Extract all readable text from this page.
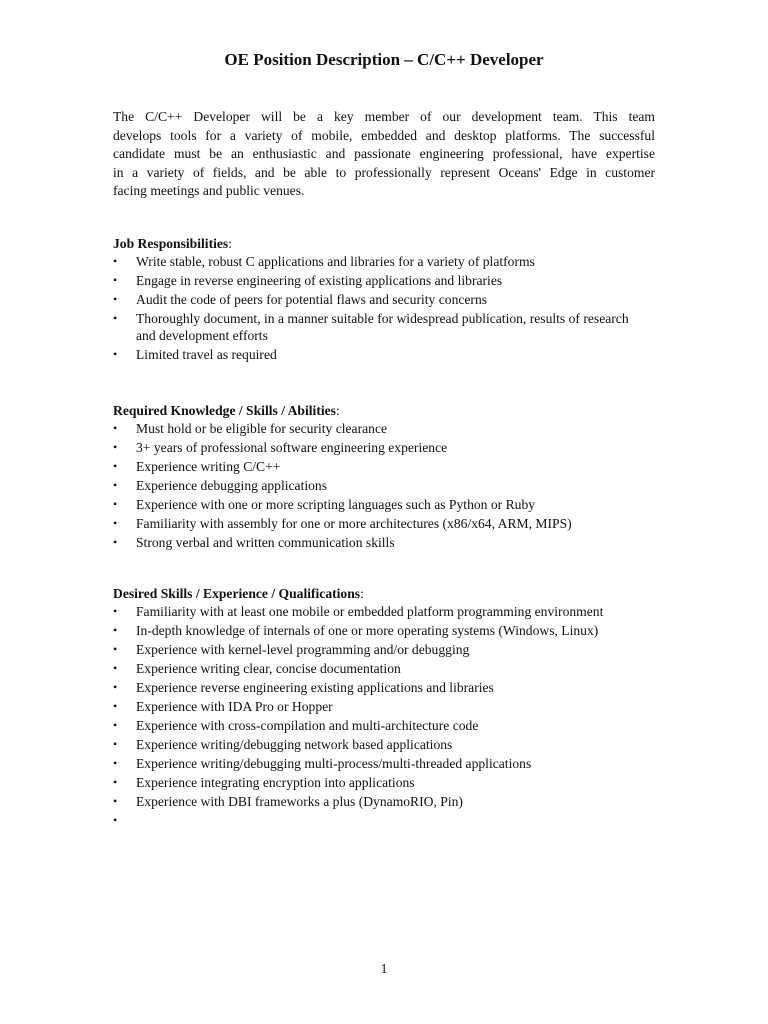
OE Position Description – C/C++ Developer
The C/C++ Developer will be a key member of our development team. This team
develops tools for a variety of mobile, embedded and desktop platforms. The successful
candidate must be an enthusiastic and passionate engineering professional, have expertise
in a variety of fields, and be able to professionally represent Oceans' Edge in customer
facing meetings and public venues.
Job Responsibilities:
• Write stable, robust C applications and libraries for a variety of platforms
• Engage in reverse engineering of existing applications and libraries
• Audit the code of peers for potential flaws and security concerns
• Thoroughly document, in a manner suitable for widespread publication, results of research and development efforts
• Limited travel as required
Required Knowledge / Skills / Abilities:
• Must hold or be eligible for security clearance
• 3+ years of professional software engineering experience
• Experience writing C/C++
• Experience debugging applications
• Experience with one or more scripting languages such as Python or Ruby
• Familiarity with assembly for one or more architectures (x86/x64, ARM, MIPS)
• Strong verbal and written communication skills
Desired Skills / Experience / Qualifications:
• Familiarity with at least one mobile or embedded platform programming environment
• In-depth knowledge of internals of one or more operating systems (Windows, Linux)
• Experience with kernel-level programming and/or debugging
• Experience writing clear, concise documentation
• Experience reverse engineering existing applications and libraries
• Experience with IDA Pro or Hopper
• Experience with cross-compilation and multi-architecture code
• Experience writing/debugging network based applications
• Experience writing/debugging multi-process/multi-threaded applications
• Experience integrating encryption into applications
• Experience with DBI frameworks a plus (DynamoRIO, Pin)
•

1
